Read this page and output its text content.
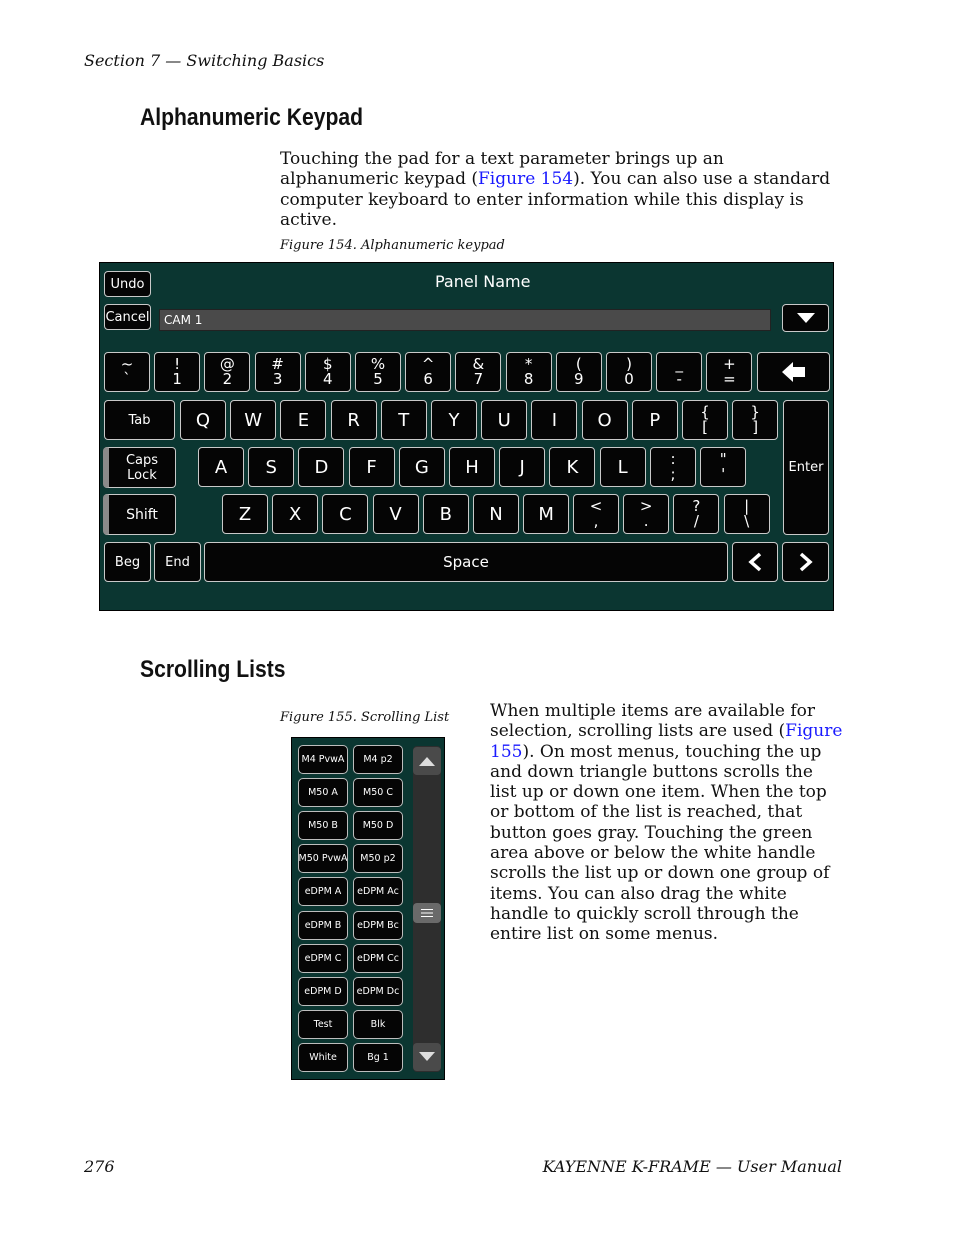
Section 7 — Switching Basics
Alphanumeric Keypad
Touching the pad for a text parameter brings up an alphanumeric keypad (Figure 154). You can also use a standard computer keyboard to enter information while this display is active.
Figure 154. Alphanumeric keypad
Undo	Panel Name
Cancel	CAM 1
~
`
!
1
@
2
#
3
$
4
%
5
^
6
&
7
*
8
(
9
)
0
_
-
+
=
Tab	Q	W	E	R	T	Y	U	I	O	P	{
[
}
]
Enter
Caps
Lock	A	S	D	F	G	H	J	K	L	:
;
"
'
Shift	Z	X	C	V	B	N	M	<
,
>
.
?
/
|
\
Beg	End	Space
Scrolling Lists
Figure 155. Scrolling List When multiple items are available for selection, scrolling lists are used (Figure 155). On most menus, touching the up and down triangle buttons scrolls the list up or down one item. When the top or bottom of the list is reached, that button goes gray. Touching the green area above or below the white handle scrolls the list up or down one group of items. You can also drag the white handle to quickly scroll through the entire list on some menus.
M4 PvwA	M4 p2
M50 A	M50 C
M50 B	M50 D
M50 PvwA	M50 p2
eDPM A	eDPM Ac
eDPM B	eDPM Bc
eDPM C	eDPM Cc
eDPM D	eDPM Dc
Test	Blk
White	Bg 1
276	KAYENNE K-FRAME — User Manual
